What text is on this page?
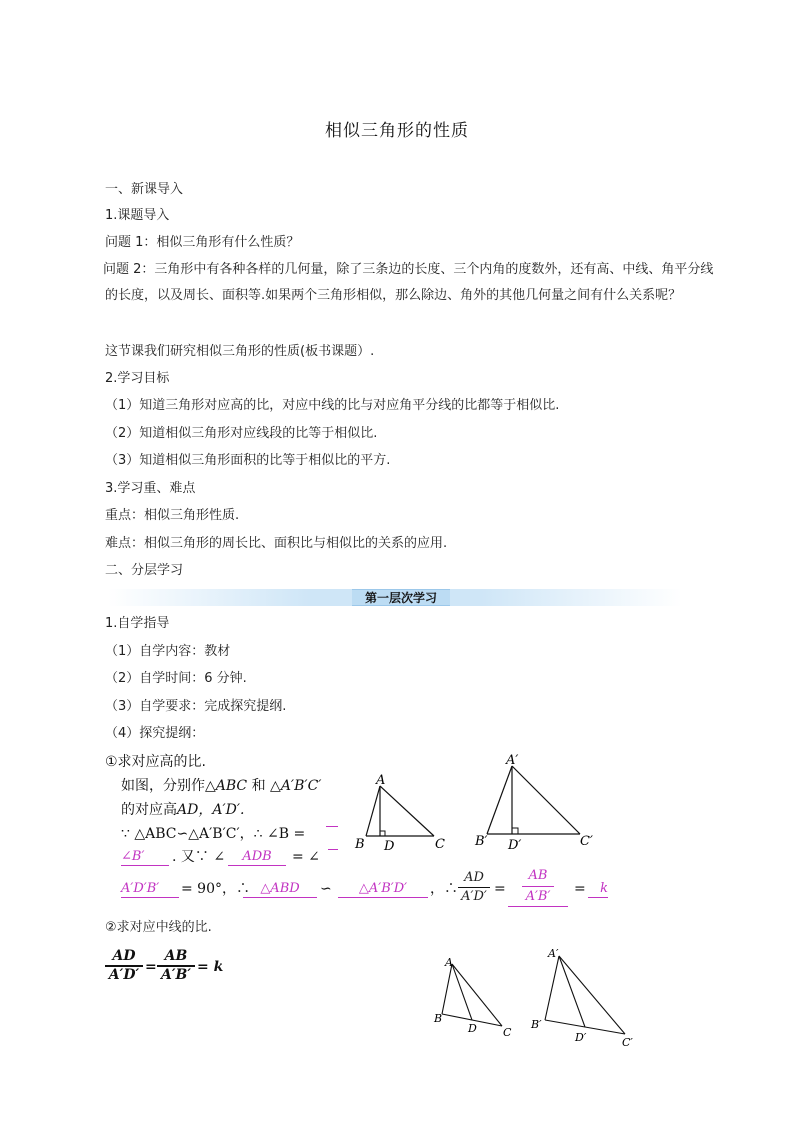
相似三角形的性质
一、新课导入
1.课题导入
问题 1：相似三角形有什么性质？
问题 2：三角形中有各种各样的几何量，除了三条边的长度、三个内角的度数外，还有高、中线、角平分线的长度，以及周长、面积等.如果两个三角形相似，那么除边、角外的其他几何量之间有什么关系呢？
这节课我们研究相似三角形的性质(板书课题）.
2.学习目标
（1）知道三角形对应高的比，对应中线的比与对应角平分线的比都等于相似比.
（2）知道相似三角形对应线段的比等于相似比.
（3）知道相似三角形面积的比等于相似比的平方.
3.学习重、难点
重点：相似三角形性质.
难点：相似三角形的周长比、面积比与相似比的关系的应用.
二、分层学习
第一层次学习
1.自学指导
（1）自学内容：教材
（2）自学时间：6 分钟.
（3）自学要求：完成探究提纲.
（4）探究提纲：
①求对应高的比.
如图，分别作△ABC 和 △A′B′C′
的对应高AD，A′D′.
∵ △ABC∽△A′B′C′，∴ ∠B =
∠B′	. 又∵ ∠	ADB	= ∠
A′D′B′	= 90°，∴ △ABD	∽	△A′B′D′	，∴
AD
A′D′ =
AB
A′B′	=	k
A
B	C
D
A′
B′	C′
D′
②求对应中线的比.
AD
A′D′ =
AB
A′B′ = k	A
B
C
D
A′
B′
C′
D′
